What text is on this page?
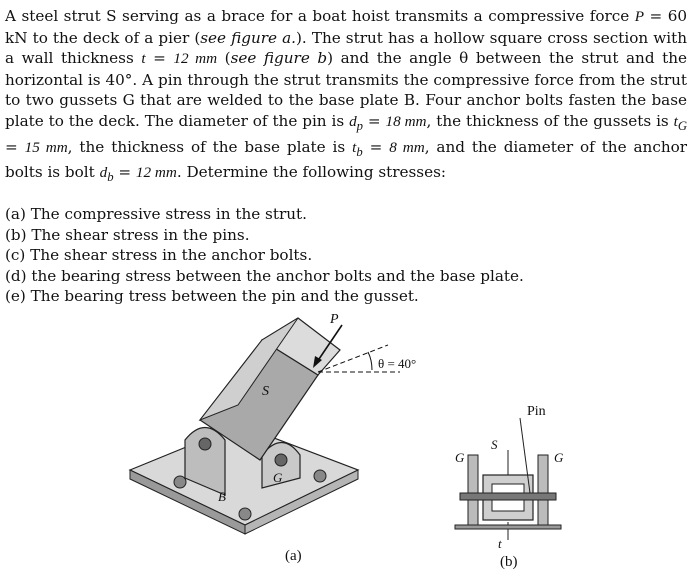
A steel strut S serving as a brace for a boat hoist transmits a compressive force P = 60 kN to the deck of a pier (see figure a.). The strut has a hollow square cross section with a wall thickness t = 12 mm (see figure b) and the angle θ between the strut and the horizontal is 40°. A pin through the strut transmits the compressive force from the strut to two gussets G that are welded to the base plate B. Four anchor bolts fasten the base plate to the deck. The diameter of the pin is $d_p = 18$ mm, the thickness of the gussets is $t_G = 15$ mm, the thickness of the base plate is $t_b = 8$ mm, and the diameter of the anchor bolts is bolt $d_b = 12$ mm. Determine the following stresses:

(a) The compressive stress in the strut.
(b) The shear stress in the pins.
(c) The shear stress in the anchor bolts.
(d) the bearing stress between the anchor bolts and the base plate.
(e) The bearing tress between the pin and the gusset.
P
θ = 40°
S
G
B
(a)
Pin
S
G	G
t
(b)
